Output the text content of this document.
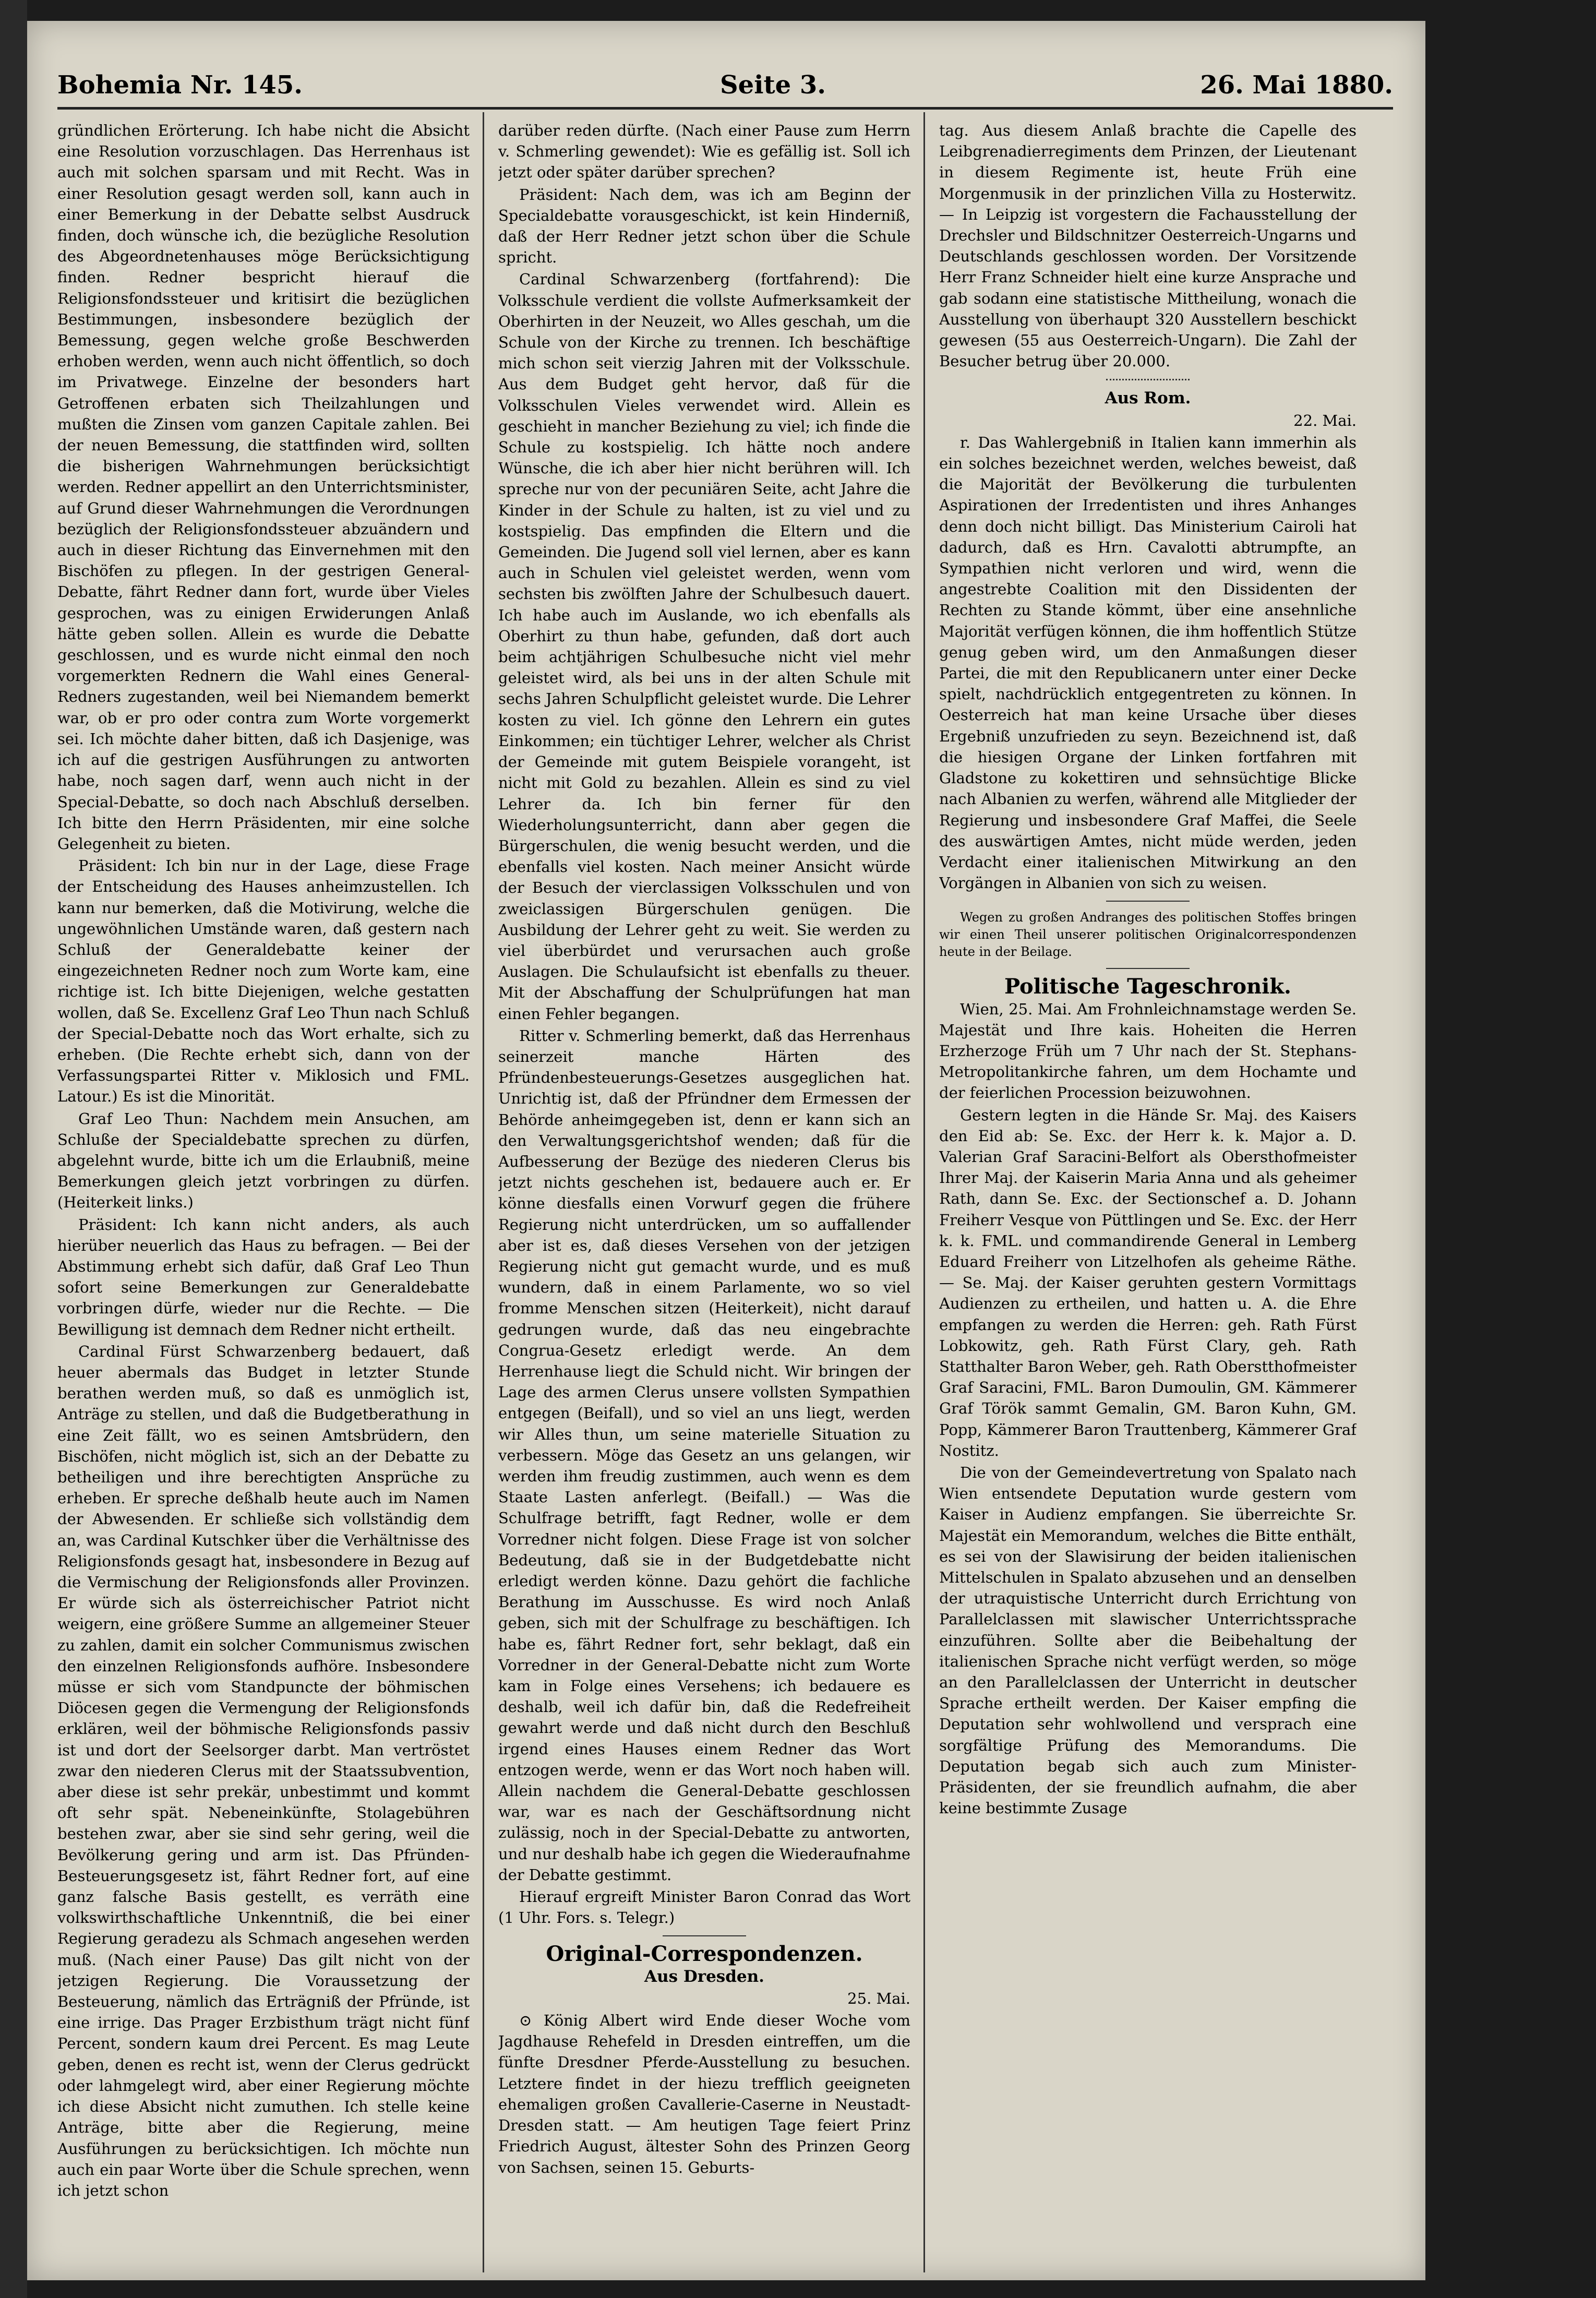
Bohemia Nr. 145.	Seite 3.	26. Mai 1880.

gründlichen Erörterung. Ich habe nicht die Absicht eine Resolution vorzuschlagen. Das Herrenhaus ist auch mit solchen sparsam und mit Recht. Was in einer Resolution gesagt werden soll, kann auch in einer Bemerkung in der Debatte selbst Ausdruck finden, doch wünsche ich, die bezügliche Resolution des Abgeordnetenhauses möge Berücksichtigung finden. Redner bespricht hierauf die Religionsfondssteuer und kritisirt die bezüglichen Bestimmungen, insbesondere bezüglich der Bemessung, gegen welche große Beschwerden erhoben werden, wenn auch nicht öffentlich, so doch im Privatwege. Einzelne der besonders hart Getroffenen erbaten sich Theilzahlungen und mußten die Zinsen vom ganzen Capitale zahlen. Bei der neuen Bemessung, die stattfinden wird, sollten die bisherigen Wahrnehmungen berücksichtigt werden. Redner appellirt an den Unterrichtsminister, auf Grund dieser Wahrnehmungen die Verordnungen bezüglich der Religionsfondssteuer abzuändern und auch in dieser Richtung das Einvernehmen mit den Bischöfen zu pflegen. In der gestrigen General-Debatte, fährt Redner dann fort, wurde über Vieles gesprochen, was zu einigen Erwiderungen Anlaß hätte geben sollen. Allein es wurde die Debatte geschlossen, und es wurde nicht einmal den noch vorgemerkten Rednern die Wahl eines General-Redners zugestanden, weil bei Niemandem bemerkt war, ob er pro oder contra zum Worte vorgemerkt sei. Ich möchte daher bitten, daß ich Dasjenige, was ich auf die gestrigen Ausführungen zu antworten habe, noch sagen darf, wenn auch nicht in der Special-Debatte, so doch nach Abschluß derselben. Ich bitte den Herrn Präsidenten, mir eine solche Gelegenheit zu bieten.

Präsident: Ich bin nur in der Lage, diese Frage der Entscheidung des Hauses anheimzustellen. Ich kann nur bemerken, daß die Motivirung, welche die ungewöhnlichen Umstände waren, daß gestern nach Schluß der Generaldebatte keiner der eingezeichneten Redner noch zum Worte kam, eine richtige ist. Ich bitte Diejenigen, welche gestatten wollen, daß Se. Excellenz Graf Leo Thun nach Schluß der Special-Debatte noch das Wort erhalte, sich zu erheben. (Die Rechte erhebt sich, dann von der Verfassungspartei Ritter v. Miklosich und FML. Latour.) Es ist die Minorität.

Graf Leo Thun: Nachdem mein Ansuchen, am Schluße der Specialdebatte sprechen zu dürfen, abgelehnt wurde, bitte ich um die Erlaubniß, meine Bemerkungen gleich jetzt vorbringen zu dürfen. (Heiterkeit links.)

Präsident: Ich kann nicht anders, als auch hierüber neuerlich das Haus zu befragen. — Bei der Abstimmung erhebt sich dafür, daß Graf Leo Thun sofort seine Bemerkungen zur Generaldebatte vorbringen dürfe, wieder nur die Rechte. — Die Bewilligung ist demnach dem Redner nicht ertheilt.

Cardinal Fürst Schwarzenberg bedauert, daß heuer abermals das Budget in letzter Stunde berathen werden muß, so daß es unmöglich ist, Anträge zu stellen, und daß die Budgetberathung in eine Zeit fällt, wo es seinen Amtsbrüdern, den Bischöfen, nicht möglich ist, sich an der Debatte zu betheiligen und ihre berechtigten Ansprüche zu erheben. Er spreche deßhalb heute auch im Namen der Abwesenden. Er schließe sich vollständig dem an, was Cardinal Kutschker über die Verhältnisse des Religionsfonds gesagt hat, insbesondere in Bezug auf die Vermischung der Religionsfonds aller Provinzen. Er würde sich als österreichischer Patriot nicht weigern, eine größere Summe an allgemeiner Steuer zu zahlen, damit ein solcher Communismus zwischen den einzelnen Religionsfonds aufhöre. Insbesondere müsse er sich vom Standpuncte der böhmischen Diöcesen gegen die Vermengung der Religionsfonds erklären, weil der böhmische Religionsfonds passiv ist und dort der Seelsorger darbt. Man vertröstet zwar den niederen Clerus mit der Staatssubvention, aber diese ist sehr prekär, unbestimmt und kommt oft sehr spät. Nebeneinkünfte, Stolagebühren bestehen zwar, aber sie sind sehr gering, weil die Bevölkerung gering und arm ist. Das Pfründen-Besteuerungsgesetz ist, fährt Redner fort, auf eine ganz falsche Basis gestellt, es verräth eine volkswirthschaftliche Unkenntniß, die bei einer Regierung geradezu als Schmach angesehen werden muß. (Nach einer Pause) Das gilt nicht von der jetzigen Regierung. Die Voraussetzung der Besteuerung, nämlich das Erträgniß der Pfründe, ist eine irrige. Das Prager Erzbisthum trägt nicht fünf Percent, sondern kaum drei Percent. Es mag Leute geben, denen es recht ist, wenn der Clerus gedrückt oder lahmgelegt wird, aber einer Regierung möchte ich diese Absicht nicht zumuthen. Ich stelle keine Anträge, bitte aber die Regierung, meine Ausführungen zu berücksichtigen. Ich möchte nun auch ein paar Worte über die Schule sprechen, wenn ich jetzt schon

darüber reden dürfte. (Nach einer Pause zum Herrn v. Schmerling gewendet): Wie es gefällig ist. Soll ich jetzt oder später darüber sprechen?

Präsident: Nach dem, was ich am Beginn der Specialdebatte vorausgeschickt, ist kein Hinderniß, daß der Herr Redner jetzt schon über die Schule spricht.

Cardinal Schwarzenberg (fortfahrend): Die Volksschule verdient die vollste Aufmerksamkeit der Oberhirten in der Neuzeit, wo Alles geschah, um die Schule von der Kirche zu trennen. Ich beschäftige mich schon seit vierzig Jahren mit der Volksschule. Aus dem Budget geht hervor, daß für die Volksschulen Vieles verwendet wird. Allein es geschieht in mancher Beziehung zu viel; ich finde die Schule zu kostspielig. Ich hätte noch andere Wünsche, die ich aber hier nicht berühren will. Ich spreche nur von der pecuniären Seite, acht Jahre die Kinder in der Schule zu halten, ist zu viel und zu kostspielig. Das empfinden die Eltern und die Gemeinden. Die Jugend soll viel lernen, aber es kann auch in Schulen viel geleistet werden, wenn vom sechsten bis zwölften Jahre der Schulbesuch dauert. Ich habe auch im Auslande, wo ich ebenfalls als Oberhirt zu thun habe, gefunden, daß dort auch beim achtjährigen Schulbesuche nicht viel mehr geleistet wird, als bei uns in der alten Schule mit sechs Jahren Schulpflicht geleistet wurde. Die Lehrer kosten zu viel. Ich gönne den Lehrern ein gutes Einkommen; ein tüchtiger Lehrer, welcher als Christ der Gemeinde mit gutem Beispiele vorangeht, ist nicht mit Gold zu bezahlen. Allein es sind zu viel Lehrer da. Ich bin ferner für den Wiederholungsunterricht, dann aber gegen die Bürgerschulen, die wenig besucht werden, und die ebenfalls viel kosten. Nach meiner Ansicht würde der Besuch der vierclassigen Volksschulen und von zweiclassigen Bürgerschulen genügen. Die Ausbildung der Lehrer geht zu weit. Sie werden zu viel überbürdet und verursachen auch große Auslagen. Die Schulaufsicht ist ebenfalls zu theuer. Mit der Abschaffung der Schulprüfungen hat man einen Fehler begangen.

Ritter v. Schmerling bemerkt, daß das Herrenhaus seinerzeit manche Härten des Pfründenbesteuerungs-Gesetzes ausgeglichen hat. Unrichtig ist, daß der Pfründner dem Ermessen der Behörde anheimgegeben ist, denn er kann sich an den Verwaltungsgerichtshof wenden; daß für die Aufbesserung der Bezüge des niederen Clerus bis jetzt nichts geschehen ist, bedauere auch er. Er könne diesfalls einen Vorwurf gegen die frühere Regierung nicht unterdrücken, um so auffallender aber ist es, daß dieses Versehen von der jetzigen Regierung nicht gut gemacht wurde, und es muß wundern, daß in einem Parlamente, wo so viel fromme Menschen sitzen (Heiterkeit), nicht darauf gedrungen wurde, daß das neu eingebrachte Congrua-Gesetz erledigt werde. An dem Herrenhause liegt die Schuld nicht. Wir bringen der Lage des armen Clerus unsere vollsten Sympathien entgegen (Beifall), und so viel an uns liegt, werden wir Alles thun, um seine materielle Situation zu verbessern. Möge das Gesetz an uns gelangen, wir werden ihm freudig zustimmen, auch wenn es dem Staate Lasten anferlegt. (Beifall.) — Was die Schulfrage betrifft, fagt Redner, wolle er dem Vorredner nicht folgen. Diese Frage ist von solcher Bedeutung, daß sie in der Budgetdebatte nicht erledigt werden könne. Dazu gehört die fachliche Berathung im Ausschusse. Es wird noch Anlaß geben, sich mit der Schulfrage zu beschäftigen. Ich habe es, fährt Redner fort, sehr beklagt, daß ein Vorredner in der General-Debatte nicht zum Worte kam in Folge eines Versehens; ich bedauere es deshalb, weil ich dafür bin, daß die Redefreiheit gewahrt werde und daß nicht durch den Beschluß irgend eines Hauses einem Redner das Wort entzogen werde, wenn er das Wort noch haben will. Allein nachdem die General-Debatte geschlossen war, war es nach der Geschäftsordnung nicht zulässig, noch in der Special-Debatte zu antworten, und nur deshalb habe ich gegen die Wiederaufnahme der Debatte gestimmt.

Hierauf ergreift Minister Baron Conrad das Wort (1 Uhr. Fors. s. Telegr.)

Original-Correspondenzen.

Aus Dresden.

25. Mai.

⊙ König Albert wird Ende dieser Woche vom Jagdhause Rehefeld in Dresden eintreffen, um die fünfte Dresdner Pferde-Ausstellung zu besuchen. Letztere findet in der hiezu trefflich geeigneten ehemaligen großen Cavallerie-Caserne in Neustadt-Dresden statt. — Am heutigen Tage feiert Prinz Friedrich August, ältester Sohn des Prinzen Georg von Sachsen, seinen 15. Geburts-

tag. Aus diesem Anlaß brachte die Capelle des Leibgrenadierregiments dem Prinzen, der Lieutenant in diesem Regimente ist, heute Früh eine Morgenmusik in der prinzlichen Villa zu Hosterwitz. — In Leipzig ist vorgestern die Fachausstellung der Drechsler und Bildschnitzer Oesterreich-Ungarns und Deutschlands geschlossen worden. Der Vorsitzende Herr Franz Schneider hielt eine kurze Ansprache und gab sodann eine statistische Mittheilung, wonach die Ausstellung von überhaupt 320 Ausstellern beschickt gewesen (55 aus Oesterreich-Ungarn). Die Zahl der Besucher betrug über 20.000.

Aus Rom.

22. Mai.

r. Das Wahlergebniß in Italien kann immerhin als ein solches bezeichnet werden, welches beweist, daß die Majorität der Bevölkerung die turbulenten Aspirationen der Irredentisten und ihres Anhanges denn doch nicht billigt. Das Ministerium Cairoli hat dadurch, daß es Hrn. Cavalotti abtrumpfte, an Sympathien nicht verloren und wird, wenn die angestrebte Coalition mit den Dissidenten der Rechten zu Stande kömmt, über eine ansehnliche Majorität verfügen können, die ihm hoffentlich Stütze genug geben wird, um den Anmaßungen dieser Partei, die mit den Republicanern unter einer Decke spielt, nachdrücklich entgegentreten zu können. In Oesterreich hat man keine Ursache über dieses Ergebniß unzufrieden zu seyn. Bezeichnend ist, daß die hiesigen Organe der Linken fortfahren mit Gladstone zu kokettiren und sehnsüchtige Blicke nach Albanien zu werfen, während alle Mitglieder der Regierung und insbesondere Graf Maffei, die Seele des auswärtigen Amtes, nicht müde werden, jeden Verdacht einer italienischen Mitwirkung an den Vorgängen in Albanien von sich zu weisen.

Wegen zu großen Andranges des politischen Stoffes bringen wir einen Theil unserer politischen Originalcorrespondenzen heute in der Beilage.

Politische Tageschronik.

Wien, 25. Mai. Am Frohnleichnamstage werden Se. Majestät und Ihre kais. Hoheiten die Herren Erzherzoge Früh um 7 Uhr nach der St. Stephans-Metropolitankirche fahren, um dem Hochamte und der feierlichen Procession beizuwohnen.

Gestern legten in die Hände Sr. Maj. des Kaisers den Eid ab: Se. Exc. der Herr k. k. Major a. D. Valerian Graf Saracini-Belfort als Obersthofmeister Ihrer Maj. der Kaiserin Maria Anna und als geheimer Rath, dann Se. Exc. der Sectionschef a. D. Johann Freiherr Vesque von Püttlingen und Se. Exc. der Herr k. k. FML. und commandirende General in Lemberg Eduard Freiherr von Litzelhofen als geheime Räthe. — Se. Maj. der Kaiser geruhten gestern Vormittags Audienzen zu ertheilen, und hatten u. A. die Ehre empfangen zu werden die Herren: geh. Rath Fürst Lobkowitz, geh. Rath Fürst Clary, geh. Rath Statthalter Baron Weber, geh. Rath Oberstthofmeister Graf Saracini, FML. Baron Dumoulin, GM. Kämmerer Graf Török sammt Gemalin, GM. Baron Kuhn, GM. Popp, Kämmerer Baron Trauttenberg, Kämmerer Graf Nostitz.

Die von der Gemeindevertretung von Spalato nach Wien entsendete Deputation wurde gestern vom Kaiser in Audienz empfangen. Sie überreichte Sr. Majestät ein Memorandum, welches die Bitte enthält, es sei von der Slawisirung der beiden italienischen Mittelschulen in Spalato abzusehen und an denselben der utraquistische Unterricht durch Errichtung von Parallelclassen mit slawischer Unterrichtssprache einzuführen. Sollte aber die Beibehaltung der italienischen Sprache nicht verfügt werden, so möge an den Parallelclassen der Unterricht in deutscher Sprache ertheilt werden. Der Kaiser empfing die Deputation sehr wohlwollend und versprach eine sorgfältige Prüfung des Memorandums. Die Deputation begab sich auch zum Minister-Präsidenten, der sie freundlich aufnahm, die aber keine bestimmte Zusage
